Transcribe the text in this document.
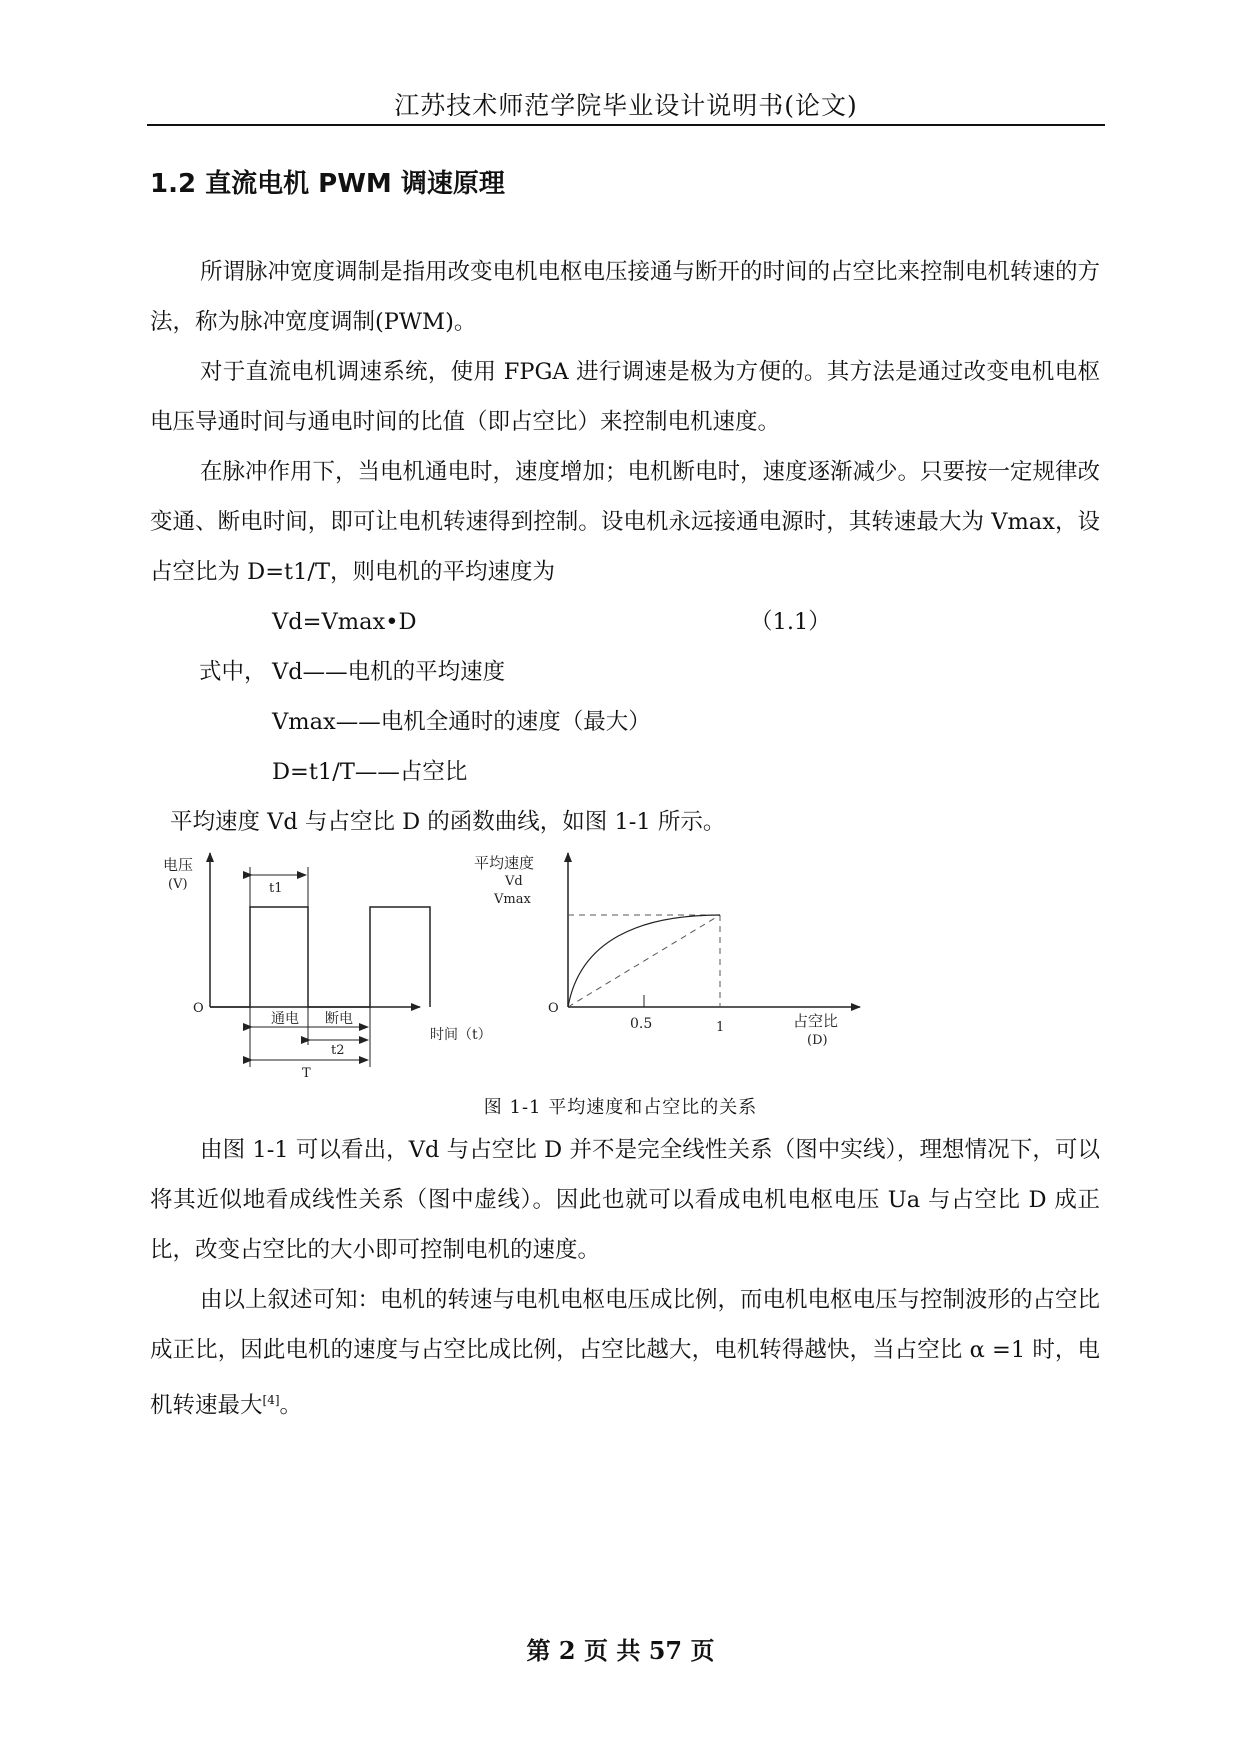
江苏技术师范学院毕业设计说明书(论文)
1.2 直流电机 PWM 调速原理

所谓脉冲宽度调制是指用改变电机电枢电压接通与断开的时间的占空比来控制电机转速的方法，称为脉冲宽度调制(PWM)。

对于直流电机调速系统，使用 FPGA 进行调速是极为方便的。其方法是通过改变电机电枢电压导通时间与通电时间的比值（即占空比）来控制电机速度。

在脉冲作用下，当电机通电时，速度增加；电机断电时，速度逐渐减少。只要按一定规律改变通、断电时间，即可让电机转速得到控制。设电机永远接通电源时，其转速最大为 Vmax，设占空比为 D=t1/T，则电机的平均速度为

Vd=Vmax•D	（1.1）
式中， Vd——电机的平均速度
Vmax——电机全通时的速度（最大）
D=t1/T——占空比
平均速度 Vd 与占空比 D 的函数曲线，如图 1-1 所示。
电压
(V)
O
t1
通电 断电
t2
T
时间（t）
平均速度
Vd
Vmax
O
0.5	1	占空比
(D)
图 1-1 平均速度和占空比的关系

由图 1-1 可以看出，Vd 与占空比 D 并不是完全线性关系（图中实线），理想情况下，可以将其近似地看成线性关系（图中虚线）。因此也就可以看成电机电枢电压 Ua 与占空比 D 成正比，改变占空比的大小即可控制电机的速度。

由以上叙述可知：电机的转速与电机电枢电压成比例，而电机电枢电压与控制波形的占空比成正比，因此电机的速度与占空比成比例，占空比越大，电机转得越快，当占空比 α =1 时，电机转速最大[4]。

第 2 页 共 57 页
